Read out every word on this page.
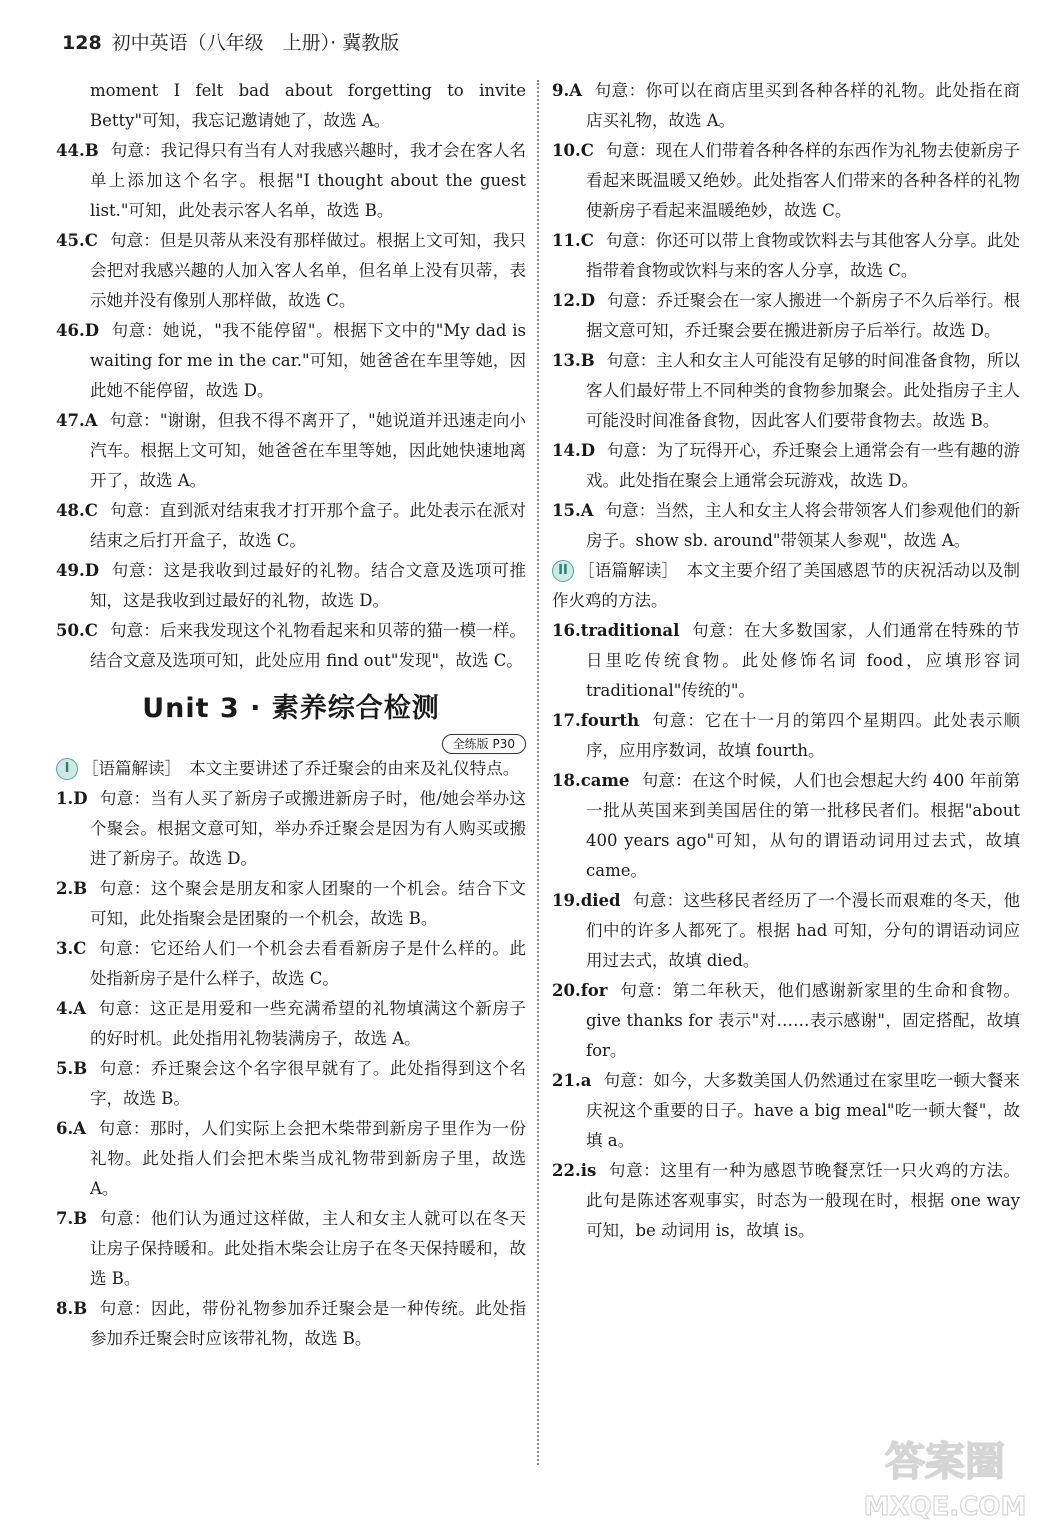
128 初中英语（八年级　上册）· 冀教版

moment I felt bad about forgetting to invite Betty"可知，我忘记邀请她了，故选 A。

44.B 句意：我记得只有当有人对我感兴趣时，我才会在客人名单上添加这个名字。根据"I thought about the guest list."可知，此处表示客人名单，故选 B。

45.C 句意：但是贝蒂从来没有那样做过。根据上文可知，我只会把对我感兴趣的人加入客人名单，但名单上没有贝蒂，表示她并没有像别人那样做，故选 C。

46.D 句意：她说，"我不能停留"。根据下文中的"My dad is waiting for me in the car."可知，她爸爸在车里等她，因此她不能停留，故选 D。

47.A 句意："谢谢，但我不得不离开了，"她说道并迅速走向小汽车。根据上文可知，她爸爸在车里等她，因此她快速地离开了，故选 A。

48.C 句意：直到派对结束我才打开那个盒子。此处表示在派对结束之后打开盒子，故选 C。

49.D 句意：这是我收到过最好的礼物。结合文意及选项可推知，这是我收到过最好的礼物，故选 D。

50.C 句意：后来我发现这个礼物看起来和贝蒂的猫一模一样。结合文意及选项可知，此处应用 find out"发现"，故选 C。

Unit 3 · 素养综合检测
全练版 P30

I ［语篇解读］　本文主要讲述了乔迁聚会的由来及礼仪特点。

1.D 句意：当有人买了新房子或搬进新房子时，他/她会举办这个聚会。根据文意可知，举办乔迁聚会是因为有人购买或搬进了新房子。故选 D。

2.B 句意：这个聚会是朋友和家人团聚的一个机会。结合下文可知，此处指聚会是团聚的一个机会，故选 B。

3.C 句意：它还给人们一个机会去看看新房子是什么样的。此处指新房子是什么样子，故选 C。

4.A 句意：这正是用爱和一些充满希望的礼物填满这个新房子的好时机。此处指用礼物装满房子，故选 A。

5.B 句意：乔迁聚会这个名字很早就有了。此处指得到这个名字，故选 B。

6.A 句意：那时，人们实际上会把木柴带到新房子里作为一份礼物。此处指人们会把木柴当成礼物带到新房子里，故选 A。

7.B 句意：他们认为通过这样做，主人和女主人就可以在冬天让房子保持暖和。此处指木柴会让房子在冬天保持暖和，故选 B。

8.B 句意：因此，带份礼物参加乔迁聚会是一种传统。此处指参加乔迁聚会时应该带礼物，故选 B。

9.A 句意：你可以在商店里买到各种各样的礼物。此处指在商店买礼物，故选 A。

10.C 句意：现在人们带着各种各样的东西作为礼物去使新房子看起来既温暖又绝妙。此处指客人们带来的各种各样的礼物使新房子看起来温暖绝妙，故选 C。

11.C 句意：你还可以带上食物或饮料去与其他客人分享。此处指带着食物或饮料与来的客人分享，故选 C。

12.D 句意：乔迁聚会在一家人搬进一个新房子不久后举行。根据文意可知，乔迁聚会要在搬进新房子后举行。故选 D。

13.B 句意：主人和女主人可能没有足够的时间准备食物，所以客人们最好带上不同种类的食物参加聚会。此处指房子主人可能没时间准备食物，因此客人们要带食物去。故选 B。

14.D 句意：为了玩得开心，乔迁聚会上通常会有一些有趣的游戏。此处指在聚会上通常会玩游戏，故选 D。

15.A 句意：当然，主人和女主人将会带领客人们参观他们的新房子。show sb. around"带领某人参观"，故选 A。

II ［语篇解读］　本文主要介绍了美国感恩节的庆祝活动以及制作火鸡的方法。

16.traditional 句意：在大多数国家，人们通常在特殊的节日里吃传统食物。此处修饰名词 food，应填形容词 traditional"传统的"。

17.fourth 句意：它在十一月的第四个星期四。此处表示顺序，应用序数词，故填 fourth。

18.came 句意：在这个时候，人们也会想起大约 400 年前第一批从英国来到美国居住的第一批移民者们。根据"about 400 years ago"可知，从句的谓语动词用过去式，故填 came。

19.died 句意：这些移民者经历了一个漫长而艰难的冬天，他们中的许多人都死了。根据 had 可知，分句的谓语动词应用过去式，故填 died。

20.for 句意：第二年秋天，他们感谢新家里的生命和食物。give thanks for 表示"对……表示感谢"，固定搭配，故填 for。

21.a 句意：如今，大多数美国人仍然通过在家里吃一顿大餐来庆祝这个重要的日子。have a big meal"吃一顿大餐"，故填 a。

22.is 句意：这里有一种为感恩节晚餐烹饪一只火鸡的方法。此句是陈述客观事实，时态为一般现在时，根据 one way 可知，be 动词用 is，故填 is。

答案圈
MXQE.COM
